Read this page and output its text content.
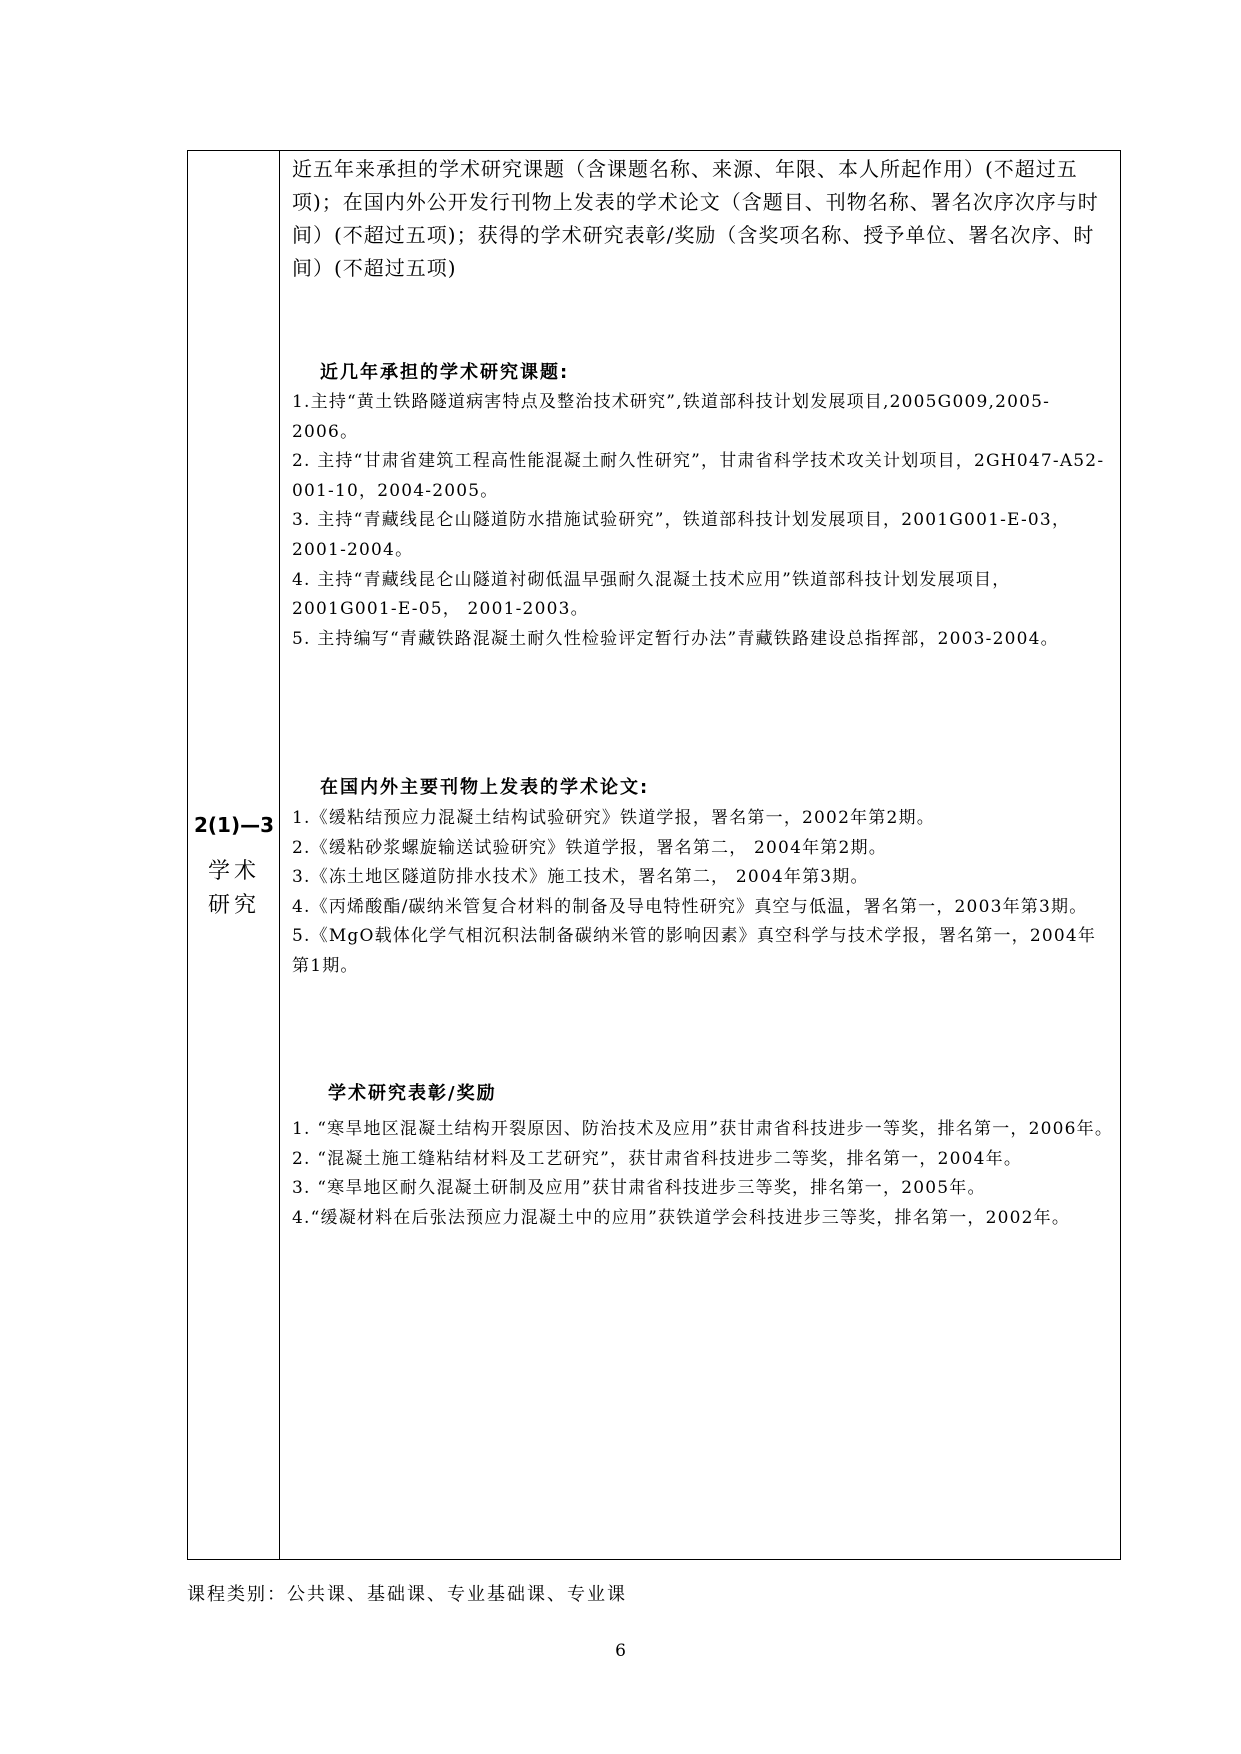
2(1)—3
学术
研究

近五年来承担的学术研究课题（含课题名称、来源、年限、本人所起作用）(不超过五项)；在国内外公开发行刊物上发表的学术论文（含题目、刊物名称、署名次序次序与时间）(不超过五项)；获得的学术研究表彰/奖励（含奖项名称、授予单位、署名次序、时间）(不超过五项)

近几年承担的学术研究课题:
1.主持“黄土铁路隧道病害特点及整治技术研究”,铁道部科技计划发展项目,2005G009,2005-2006。
2. 主持“甘肃省建筑工程高性能混凝土耐久性研究”，甘肃省科学技术攻关计划项目，2GH047-A52-001-10，2004-2005。
3. 主持“青藏线昆仑山隧道防水措施试验研究”，铁道部科技计划发展项目，2001G001-E-03， 2001-2004。
4. 主持“青藏线昆仑山隧道衬砌低温早强耐久混凝土技术应用”铁道部科技计划发展项目， 2001G001-E-05， 2001-2003。
5. 主持编写“青藏铁路混凝土耐久性检验评定暂行办法”青藏铁路建设总指挥部，2003-2004。
在国内外主要刊物上发表的学术论文:
1.《缓粘结预应力混凝土结构试验研究》铁道学报，署名第一，2002年第2期。
2.《缓粘砂浆螺旋输送试验研究》铁道学报，署名第二， 2004年第2期。
3.《冻土地区隧道防排水技术》施工技术，署名第二， 2004年第3期。
4.《丙烯酸酯/碳纳米管复合材料的制备及导电特性研究》真空与低温，署名第一，2003年第3期。
5.《MgO载体化学气相沉积法制备碳纳米管的影响因素》真空科学与技术学报，署名第一，2004年第1期。
学术研究表彰/奖励
1. “寒旱地区混凝土结构开裂原因、防治技术及应用”获甘肃省科技进步一等奖，排名第一，2006年。
2. “混凝土施工缝粘结材料及工艺研究”，获甘肃省科技进步二等奖，排名第一，2004年。
3. “寒旱地区耐久混凝土研制及应用”获甘肃省科技进步三等奖，排名第一，2005年。
4.“缓凝材料在后张法预应力混凝土中的应用”获铁道学会科技进步三等奖，排名第一，2002年。
课程类别：公共课、基础课、专业基础课、专业课
6
